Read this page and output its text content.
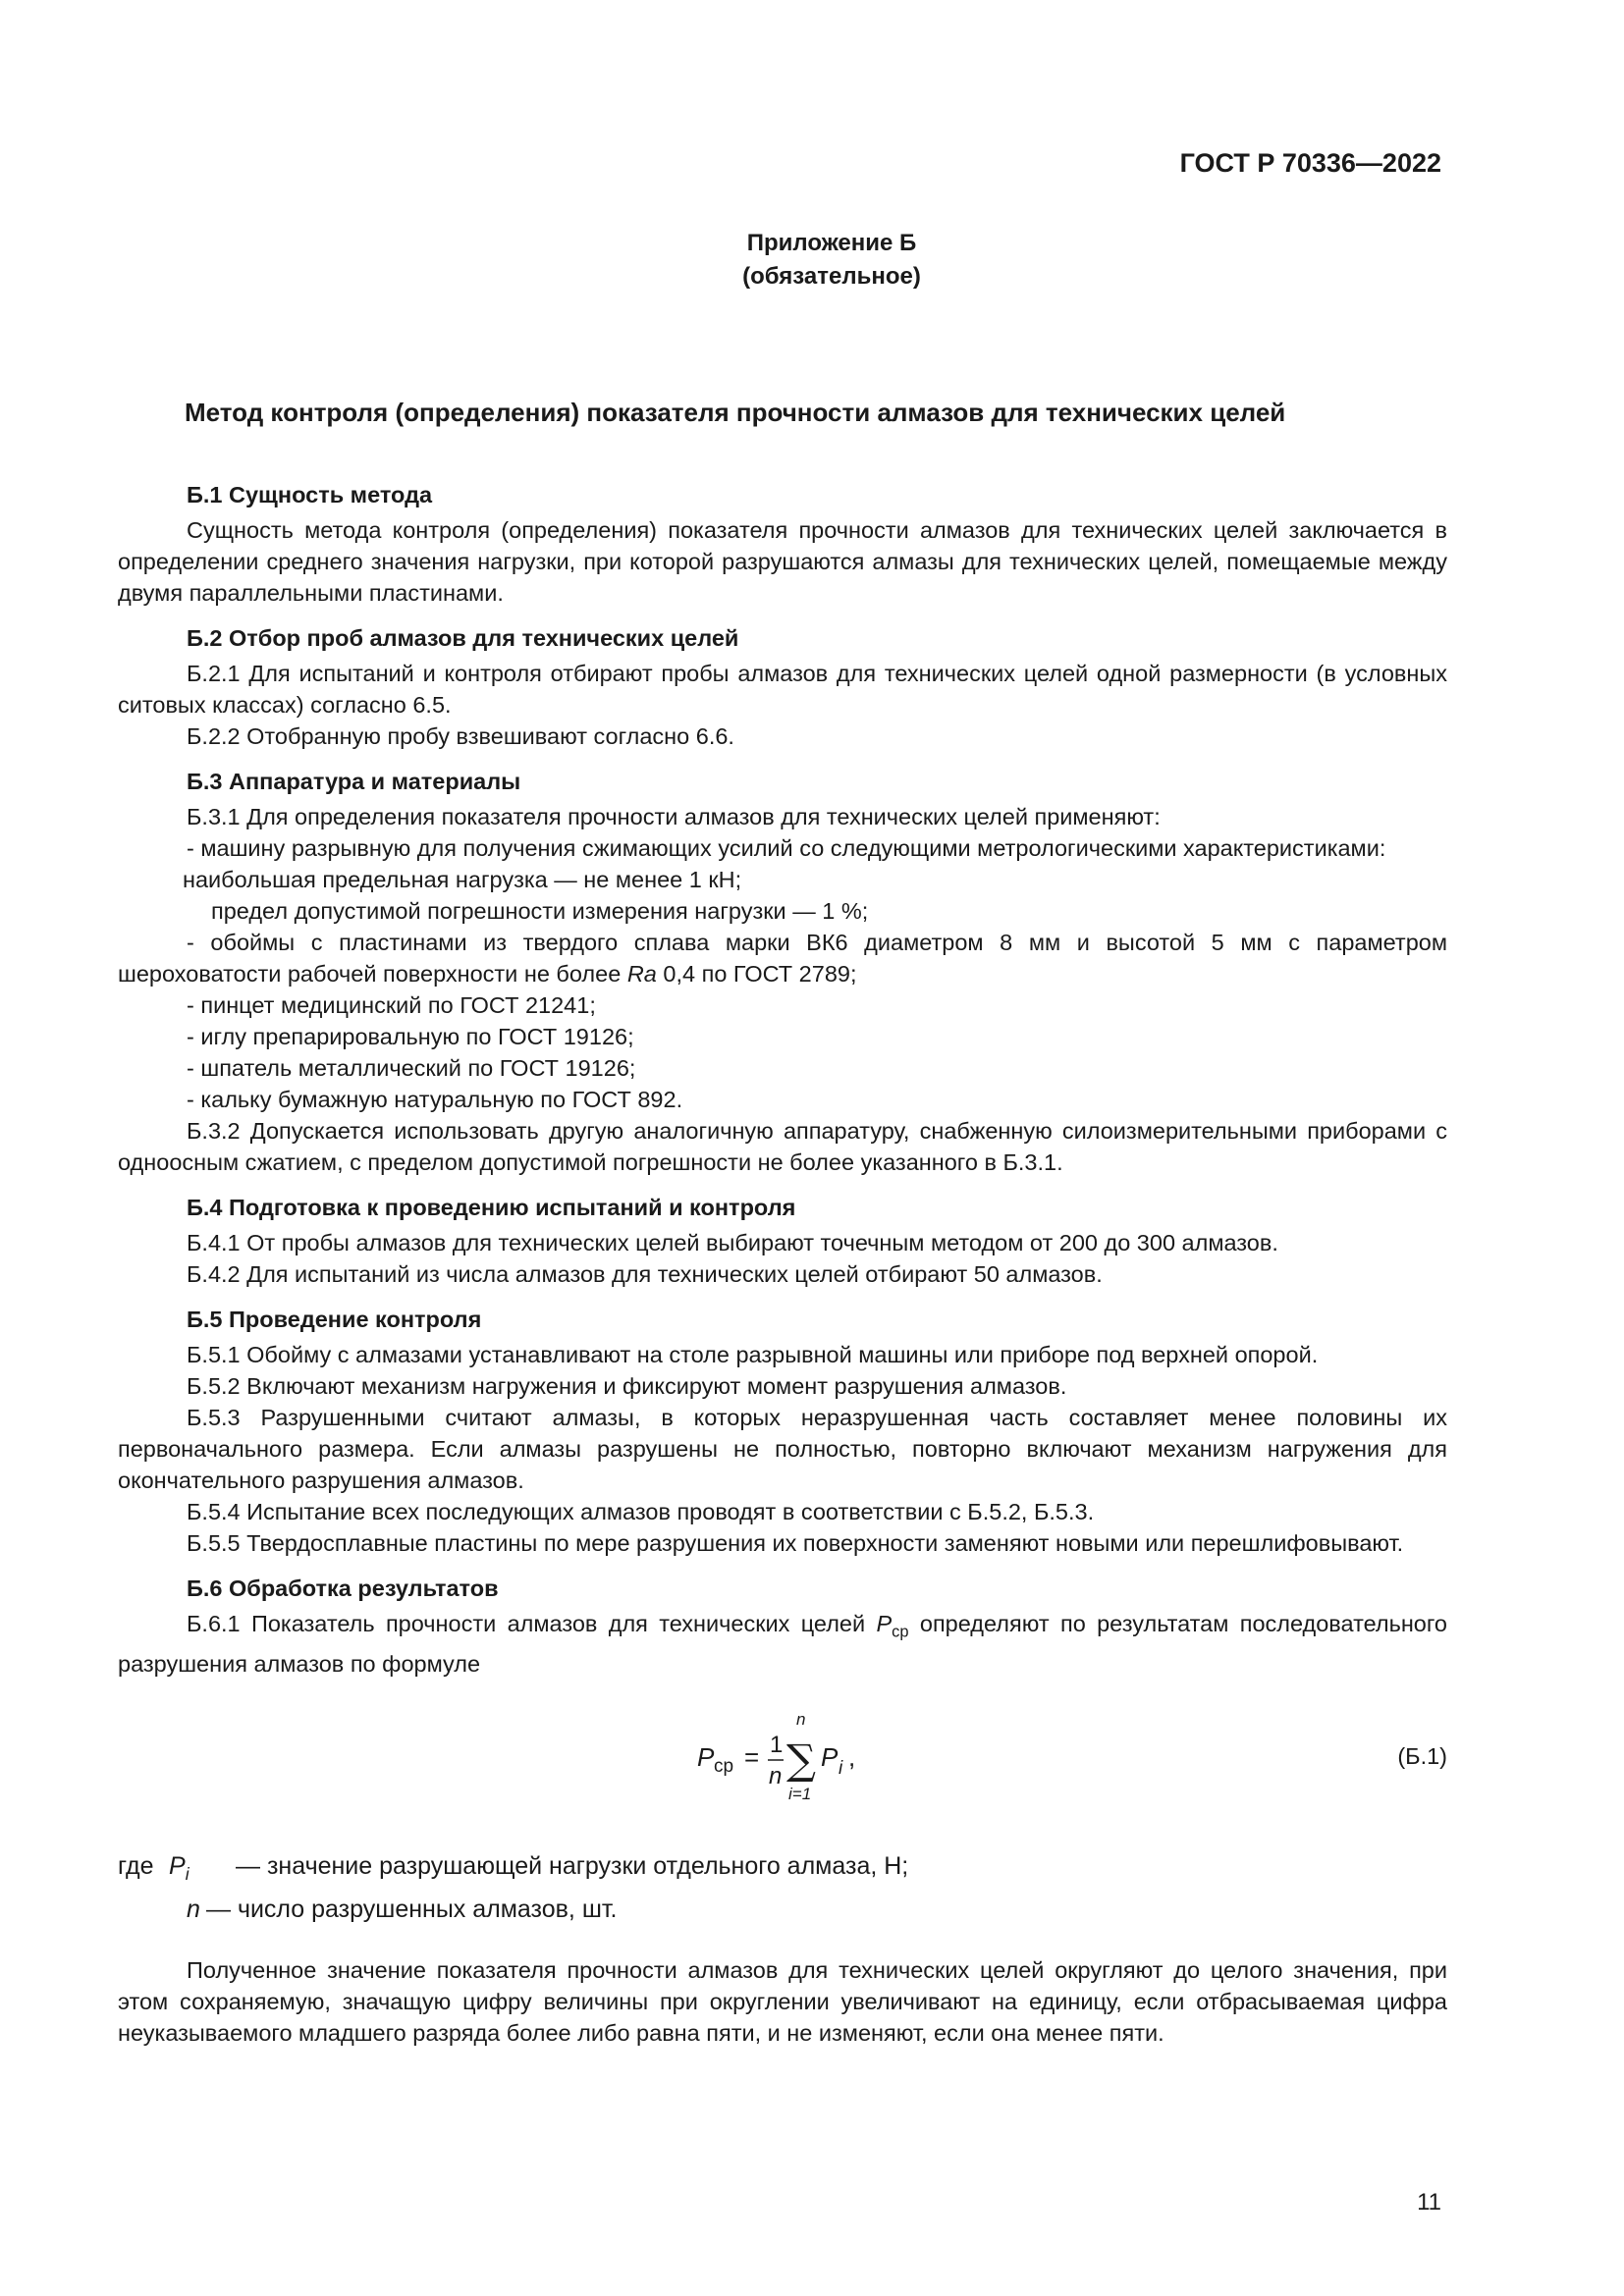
ГОСТ Р 70336—2022
Приложение Б
(обязательное)
Метод контроля (определения) показателя прочности алмазов для технических целей
Б.1 Сущность метода

Сущность метода контроля (определения) показателя прочности алмазов для технических целей заключается в определении среднего значения нагрузки, при которой разрушаются алмазы для технических целей, помещаемые между двумя параллельными пластинами.

Б.2 Отбор проб алмазов для технических целей

Б.2.1 Для испытаний и контроля отбирают пробы алмазов для технических целей одной размерности (в условных ситовых классах) согласно 6.5.

Б.2.2 Отобранную пробу взвешивают согласно 6.6.

Б.3 Аппаратура и материалы

Б.3.1 Для определения показателя прочности алмазов для технических целей применяют:

- машину разрывную для получения сжимающих усилий со следующими метрологическими характеристиками:

наибольшая предельная нагрузка — не менее 1 кН;

предел допустимой погрешности измерения нагрузки — 1 %;

- обоймы с пластинами из твердого сплава марки ВК6 диаметром 8 мм и высотой 5 мм с параметром шероховатости рабочей поверхности не более Ra 0,4 по ГОСТ 2789;

- пинцет медицинский по ГОСТ 21241;

- иглу препарировальную по ГОСТ 19126;

- шпатель металлический по ГОСТ 19126;

- кальку бумажную натуральную по ГОСТ 892.

Б.3.2 Допускается использовать другую аналогичную аппаратуру, снабженную силоизмерительными приборами с одноосным сжатием, с пределом допустимой погрешности не более указанного в Б.3.1.

Б.4 Подготовка к проведению испытаний и контроля

Б.4.1 От пробы алмазов для технических целей выбирают точечным методом от 200 до 300 алмазов.

Б.4.2 Для испытаний из числа алмазов для технических целей отбирают 50 алмазов.

Б.5 Проведение контроля

Б.5.1 Обойму с алмазами устанавливают на столе разрывной машины или приборе под верхней опорой.

Б.5.2 Включают механизм нагружения и фиксируют момент разрушения алмазов.

Б.5.3 Разрушенными считают алмазы, в которых неразрушенная часть составляет менее половины их первоначального размера. Если алмазы разрушены не полностью, повторно включают механизм нагружения для окончательного разрушения алмазов.

Б.5.4 Испытание всех последующих алмазов проводят в соответствии с Б.5.2, Б.5.3.

Б.5.5 Твердосплавные пластины по мере разрушения их поверхности заменяют новыми или перешлифовывают.

Б.6 Обработка результатов

Б.6.1 Показатель прочности алмазов для технических целей $P_{ср}$ определяют по результатам последовательного разрушения алмазов по формуле

P ср = 1
n
n
∑
i=1
P i ,	(Б.1)
где $P_i$ — значение разрушающей нагрузки отдельного алмаза, Н;
n — число разрушенных алмазов, шт.

Полученное значение показателя прочности алмазов для технических целей округляют до целого значения, при этом сохраняемую, значащую цифру величины при округлении увеличивают на единицу, если отбрасываемая цифра неуказываемого младшего разряда более либо равна пяти, и не изменяют, если она менее пяти.

11
